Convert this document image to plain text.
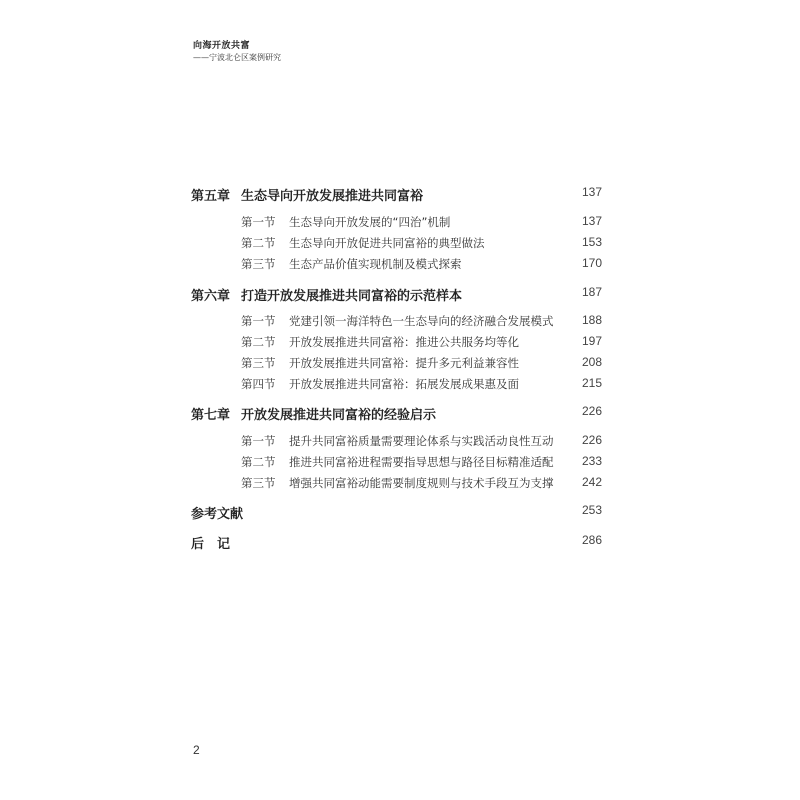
向海开放共富
——宁波北仑区案例研究
第五章 生态导向开放发展推进共同富裕	137
第一节 生态导向开放发展的“四治”机制	137
第二节 生态导向开放促进共同富裕的典型做法	153
第三节 生态产品价值实现机制及模式探索	170
第六章 打造开放发展推进共同富裕的示范样本	187
第一节 党建引领一海洋特色一生态导向的经济融合发展模式 188
第二节 开放发展推进共同富裕：推进公共服务均等化	197
第三节 开放发展推进共同富裕：提升多元利益兼容性	208
第四节 开放发展推进共同富裕：拓展发展成果惠及面	215
第七章 开放发展推进共同富裕的经验启示	226
第一节 提升共同富裕质量需要理论体系与实践活动良性互动 226
第二节 推进共同富裕进程需要指导思想与路径目标精准适配 233
第三节 增强共同富裕动能需要制度规则与技术手段互为支撑 242
参考文献	253
后　记	286
2
